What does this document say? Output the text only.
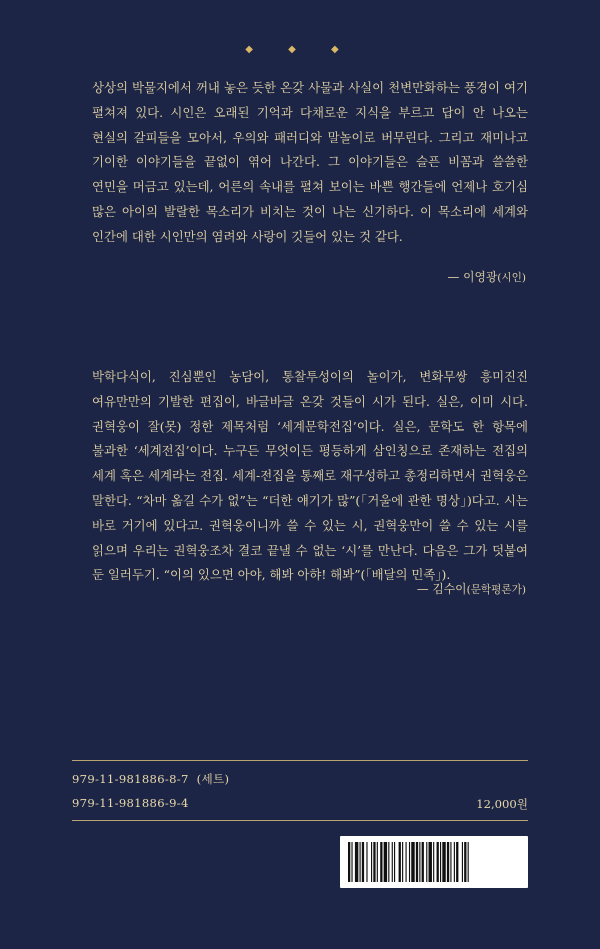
◆ ◆ ◆
상상의 박물지에서 꺼내 놓은 듯한 온갖 사물과 사실이 천변만화하는 풍경이 여기 펼쳐져 있다. 시인은 오래된 기억과 다채로운 지식을 부르고 답이 안 나오는 현실의 갈피들을 모아서, 우의와 패러디와 말놀이로 버무린다. 그리고 재미나고 기이한 이야기들을 끝없이 엮어 나간다. 그 이야기들은 슬픈 비꼼과 쓸쓸한 연민을 머금고 있는데, 어른의 속내를 펼쳐 보이는 바쁜 행간들에 언제나 호기심 많은 아이의 발랄한 목소리가 비치는 것이 나는 신기하다. 이 목소리에 세계와 인간에 대한 시인만의 염려와 사랑이 깃들어 있는 것 같다.
— 이영광(시인)
박학다식이, 진심뿐인 농담이, 통찰투성이의 놀이가, 변화무쌍 흥미진진 여유만만의 기발한 편집이, 바글바글 온갖 것들이 시가 된다. 실은, 이미 시다. 권혁웅이 잘(못) 정한 제목처럼 ‘세계문학전집’이다. 실은, 문학도 한 항목에 불과한 ‘세계전집’이다. 누구든 무엇이든 평등하게 삼인칭으로 존재하는 전집의 세계 혹은 세계라는 전집. 세계-전집을 통째로 재구성하고 총정리하면서 권혁웅은 말한다. “차마 옮길 수가 없”는 “더한 얘기가 많”(「거울에 관한 명상」)다고. 시는 바로 거기에 있다고. 권혁웅이니까 쓸 수 있는 시, 권혁웅만이 쓸 수 있는 시를 읽으며 우리는 권혁웅조차 결코 끝낼 수 없는 ‘시’를 만난다. 다음은 그가 덧붙여 둔 일러두기. “이의 있으면 아야, 해봐 아햐! 해봐”(「배달의 민족」).
— 김수이(문학평론가)
979-11-981886-8-7  (세트)
979-11-981886-9-4	12,000원
